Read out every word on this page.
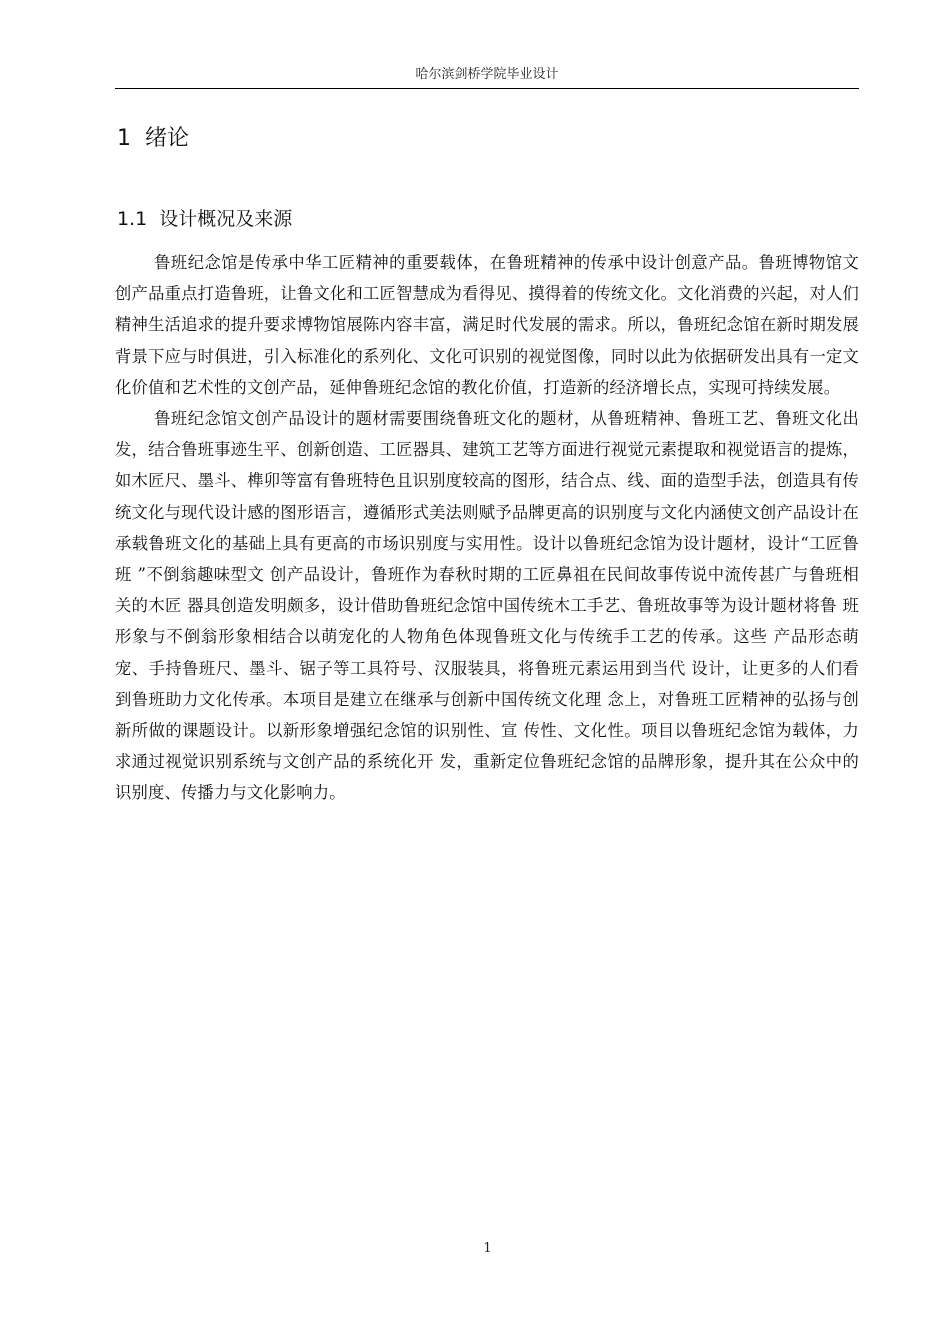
哈尔滨剑桥学院毕业设计
1  绪论
1.1  设计概况及来源

鲁班纪念馆是传承中华工匠精神的重要载体，在鲁班精神的传承中设计创意产品。鲁班博物馆文创产品重点打造鲁班，让鲁文化和工匠智慧成为看得见、摸得着的传统文化。文化消费的兴起，对人们精神生活追求的提升要求博物馆展陈内容丰富，满足时代发展的需求。所以，鲁班纪念馆在新时期发展背景下应与时俱进，引入标准化的系列化、文化可识别的视觉图像，同时以此为依据研发出具有一定文化价值和艺术性的文创产品，延伸鲁班纪念馆的教化价值，打造新的经济增长点，实现可持续发展。

鲁班纪念馆文创产品设计的题材需要围绕鲁班文化的题材，从鲁班精神、鲁班工艺、鲁班文化出发，结合鲁班事迹生平、创新创造、工匠器具、建筑工艺等方面进行视觉元素提取和视觉语言的提炼，如木匠尺、墨斗、榫卯等富有鲁班特色且识别度较高的图形，结合点、线、面的造型手法，创造具有传统文化与现代设计感的图形语言，遵循形式美法则赋予品牌更高的识别度与文化内涵使文创产品设计在承载鲁班文化的基础上具有更高的市场识别度与实用性。设计以鲁班纪念馆为设计题材，设计“工匠鲁班 ”不倒翁趣味型文 创产品设计，鲁班作为春秋时期的工匠鼻祖在民间故事传说中流传甚广与鲁班相关的木匠 器具创造发明颇多，设计借助鲁班纪念馆中国传统木工手艺、鲁班故事等为设计题材将鲁 班形象与不倒翁形象相结合以萌宠化的人物角色体现鲁班文化与传统手工艺的传承。这些 产品形态萌宠、手持鲁班尺、墨斗、锯子等工具符号、汉服装具，将鲁班元素运用到当代 设计，让更多的人们看到鲁班助力文化传承。本项目是建立在继承与创新中国传统文化理 念上，对鲁班工匠精神的弘扬与创新所做的课题设计。以新形象增强纪念馆的识别性、宣 传性、文化性。项目以鲁班纪念馆为载体，力求通过视觉识别系统与文创产品的系统化开 发，重新定位鲁班纪念馆的品牌形象，提升其在公众中的识别度、传播力与文化影响力。

1
